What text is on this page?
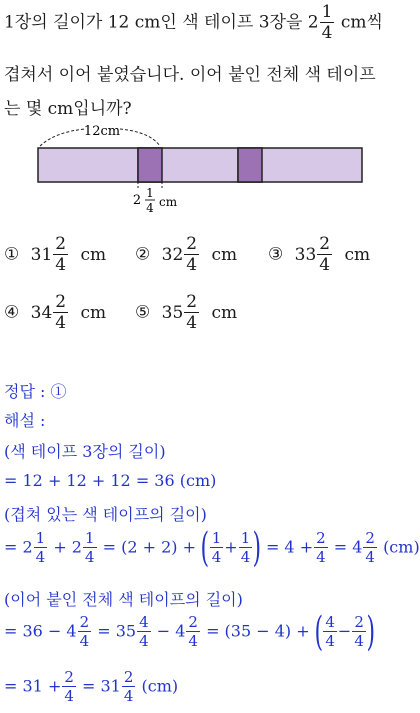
1장의 길이가 12 cm인 색 테이프 3장을 $2 \frac{1}{4}$ cm씩
겹쳐서 이어 붙였습니다. 이어 붙인 전체 색 테이프
는 몇 cm입니까?
12cm
2 1
4 cm
① $31 \frac{2}{4}$ cm ② $32 \frac{2}{4}$ cm ③ $33 \frac{2}{4}$ cm
④ $34 \frac{2}{4}$ cm ⑤ $35 \frac{2}{4}$ cm
정답 : ①
해설 :
(색 테이프 3장의 길이)
= 12 + 12 + 12 = 36 (cm)
(겹쳐 있는 색 테이프의 길이)
= $2 \frac{1}{4} + 2 \frac{1}{4} = (2 + 2)$ + ( $\frac{1}{4} + \frac{1}{4}$ ) = $4 + \frac{2}{4} = 4 \frac{2}{4} (cm)$
(이어 붙인 전체 색 테이프의 길이)
= $36 - 4 \frac{2}{4} = 35 \frac{4}{4} - 4 \frac{2}{4} = (35 - 4)$ + ( $\frac{4}{4} - \frac{2}{4}$ )
= $31 + \frac{2}{4} = 31 \frac{2}{4} (cm)$
